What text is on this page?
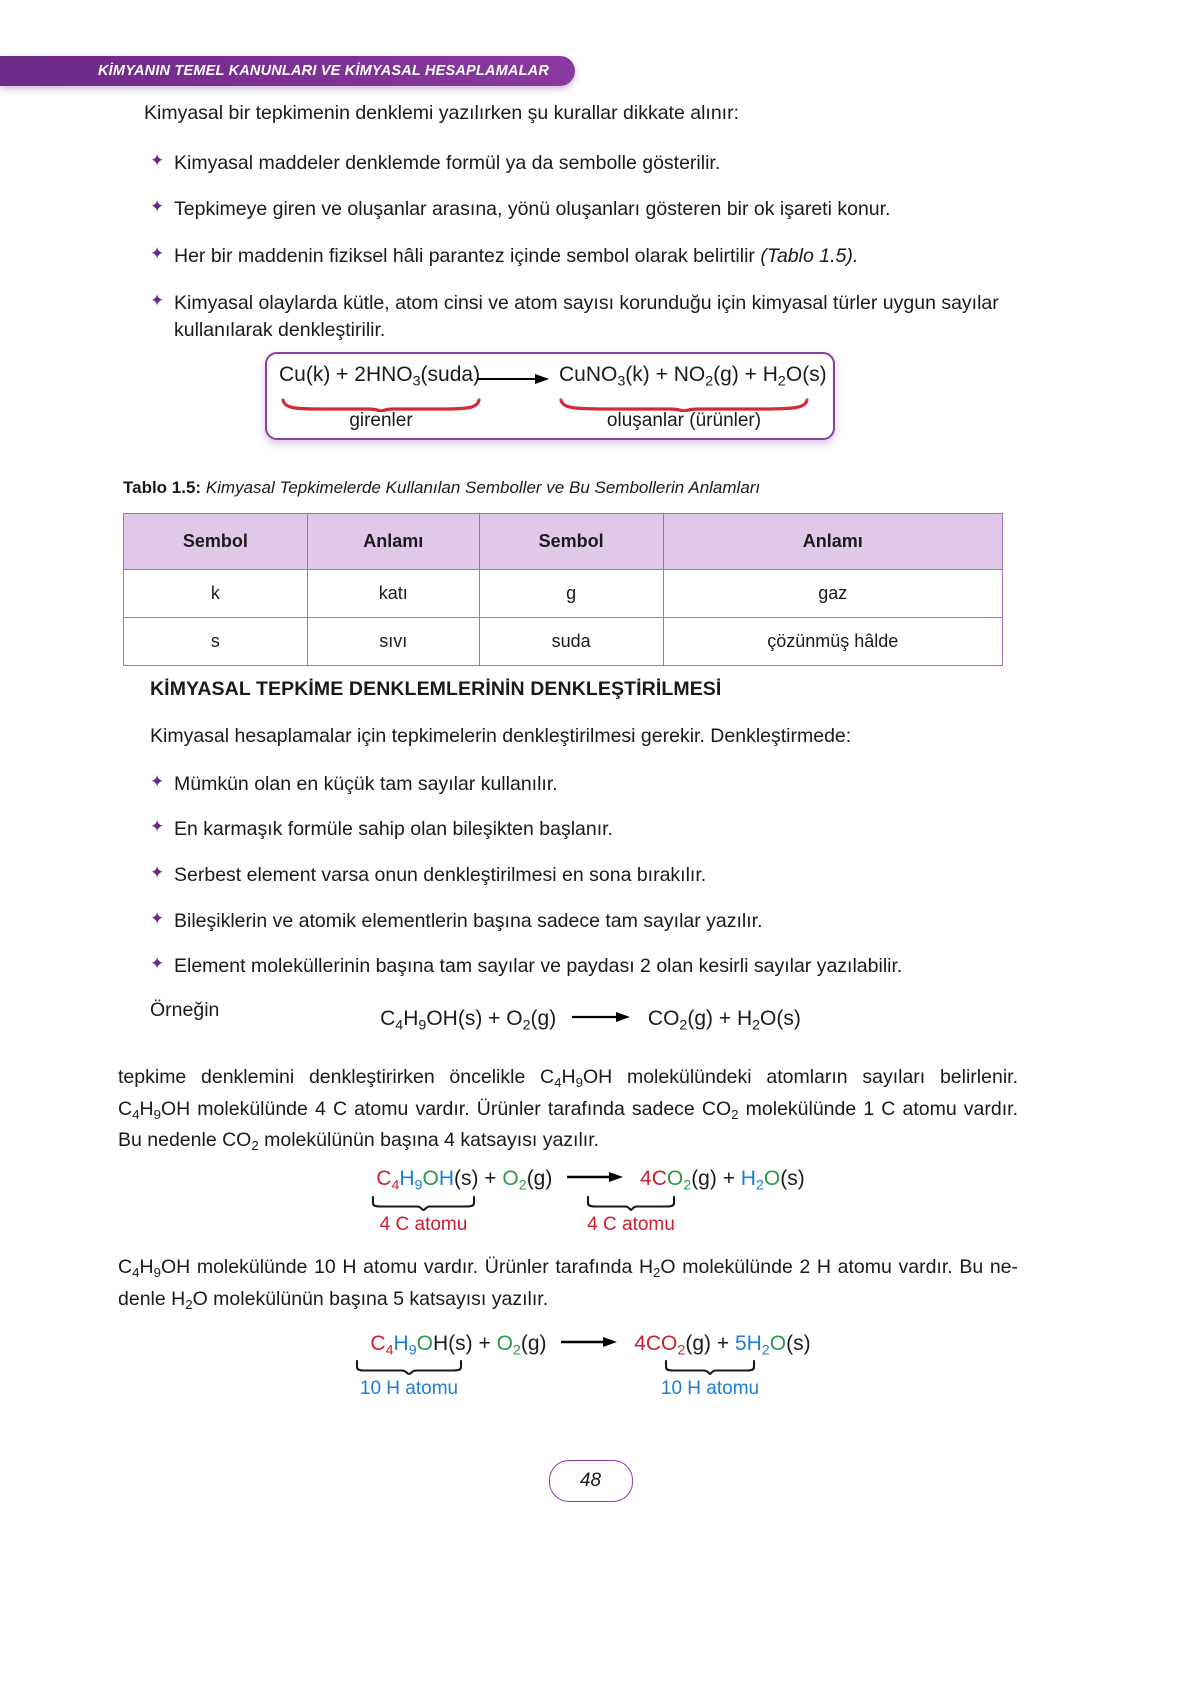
KİMYANIN TEMEL KANUNLARI VE KİMYASAL HESAPLAMALAR

Kimyasal bir tepkimenin denklemi yazılırken şu kurallar dikkate alınır:

✦ Kimyasal maddeler denklemde formül ya da sembolle gösterilir.
✦ Tepkimeye giren ve oluşanlar arasına, yönü oluşanları gösteren bir ok işareti konur.
✦ Her bir maddenin fiziksel hâli parantez içinde sembol olarak belirtilir (Tablo 1.5).
✦ Kimyasal olaylarda kütle, atom cinsi ve atom sayısı korunduğu için kimyasal türler uygun sayılar kullanılarak denkleştirilir.
$Cu(k) + 2HNO_3(suda)$	CuNO$_3$(k) + $NO_2(g) + H_2O(s)$
girenler	oluşanlar (ürünler)
Tablo 1.5: Kimyasal Tepkimelerde Kullanılan Semboller ve Bu Sembollerin Anlamları
Sembol	Anlamı	Sembol	Anlamı
k	katı	g	gaz
s	sıvı	suda	çözünmüş hâlde
KİMYASAL TEPKİME DENKLEMLERİNİN DENKLEŞTİRİLMESİ

Kimyasal hesaplamalar için tepkimelerin denkleştirilmesi gerekir. Denkleştirmede:

✦ Mümkün olan en küçük tam sayılar kullanılır.
✦ En karmaşık formüle sahip olan bileşikten başlanır.
✦ Serbest element varsa onun denkleştirilmesi en sona bırakılır.
✦ Bileşiklerin ve atomik elementlerin başına sadece tam sayılar yazılır.
✦ Element moleküllerinin başına tam sayılar ve paydası 2 olan kesirli sayılar yazılabilir.

Örneğin	$C_4H_9OH(s) + O_2(g)$	$CO_2(g) + H_2O(s)$

tepkime  denklemini  denkleştirirken  öncelikle  $C_4H_9OH$  molekülündeki  atomların  sayıları  belirlenir. $C_4H_9OH$ molekülünde 4 C atomu vardır. Ürünler tarafında sadece $CO_2$ molekülünde 1 C atomu vardır. Bu nedenle $CO_2$ molekülünün başına 4 katsayısı yazılır.

$C_4H_9OH(s) + O_2(g) \to 4CO_2(g) + H_2O(s)$
4 C atomu	4 C atomu

$C_4H_9OH$ molekülünde 10 H atomu vardır. Ürünler tarafında $H_2O$ molekülünde 2 H atomu vardır. Bu ne-denle $H_2O$ molekülünün başına 5 katsayısı yazılır.

$C_4H_9OH(s) + O_2(g) \to 4CO_2(g) + 5H_2O(s)$
10 H atomu	10 H atomu
48
